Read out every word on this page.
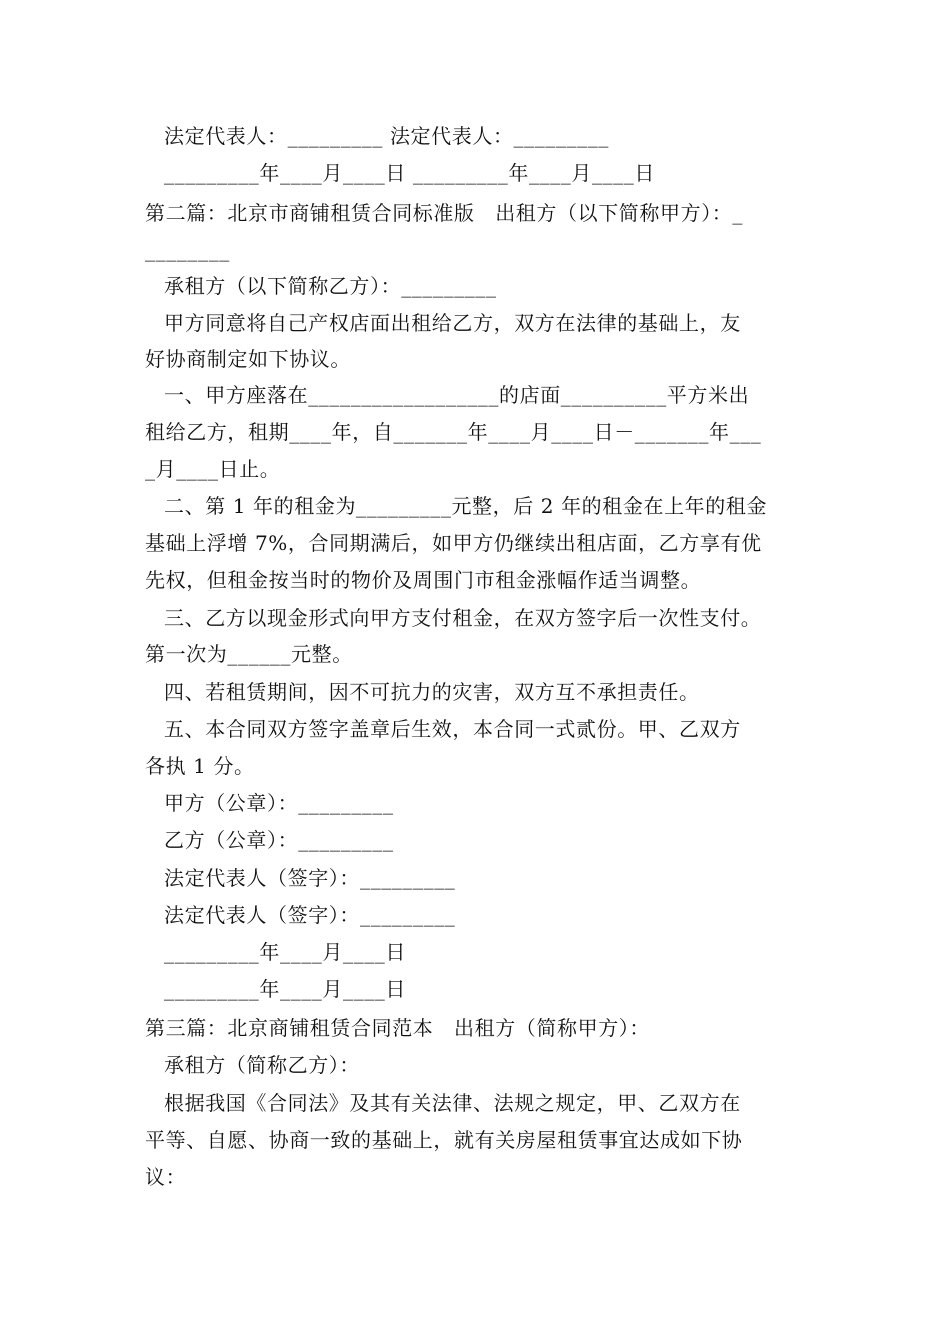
法定代表人：_________ 法定代表人：_________
_________年____月____日 _________年____月____日
第二篇：北京市商铺租赁合同标准版　出租方（以下简称甲方）：_
________
承租方（以下简称乙方）：_________
甲方同意将自己产权店面出租给乙方，双方在法律的基础上，友
好协商制定如下协议。
一、甲方座落在__________________的店面__________平方米出
租给乙方，租期____年，自_______年____月____日－_______年___
_月____日止。
二、第 1 年的租金为_________元整，后 2 年的租金在上年的租金
基础上浮增 7%，合同期满后，如甲方仍继续出租店面，乙方享有优
先权，但租金按当时的物价及周围门市租金涨幅作适当调整。
三、乙方以现金形式向甲方支付租金，在双方签字后一次性支付。
第一次为______元整。
四、若租赁期间，因不可抗力的灾害，双方互不承担责任。
五、本合同双方签字盖章后生效，本合同一式贰份。甲、乙双方
各执 1 分。
甲方（公章）：_________
乙方（公章）：_________
法定代表人（签字）：_________
法定代表人（签字）：_________
_________年____月____日
_________年____月____日
第三篇：北京商铺租赁合同范本　出租方（简称甲方）：
承租方（简称乙方）：
根据我国《合同法》及其有关法律、法规之规定，甲、乙双方在
平等、自愿、协商一致的基础上，就有关房屋租赁事宜达成如下协
议：
